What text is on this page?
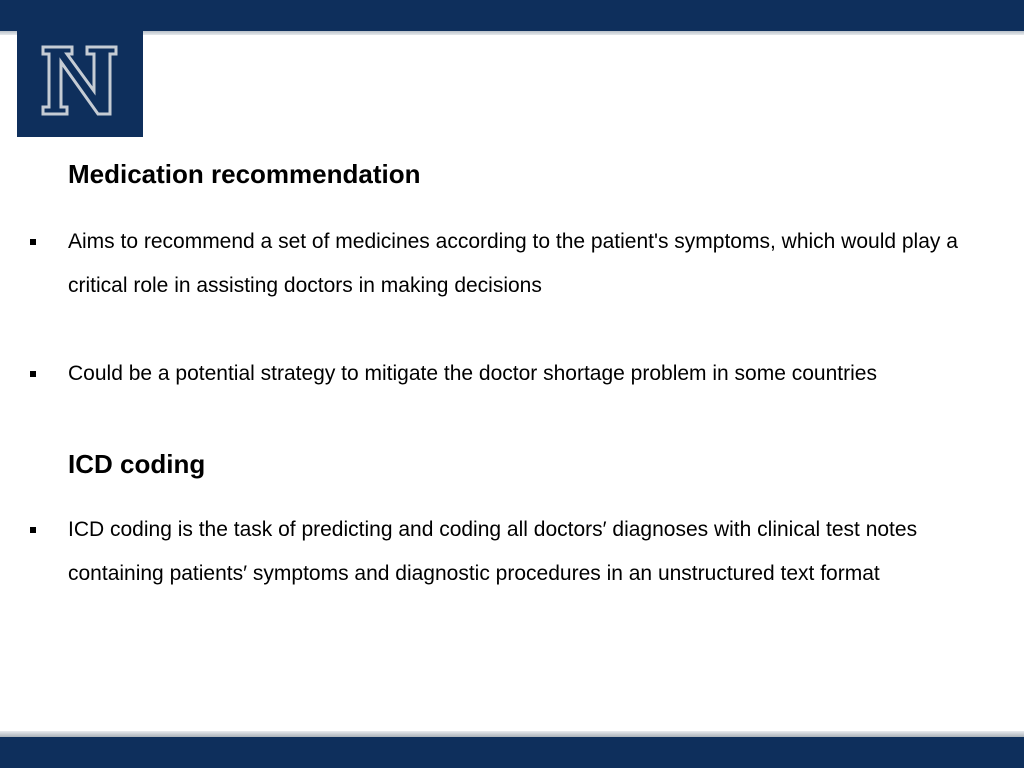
Medication recommendation

Aims to recommend a set of medicines according to the patient's symptoms, which would play a critical role in assisting doctors in making decisions

Could be a potential strategy to mitigate the doctor shortage problem in some countries

ICD coding

ICD coding is the task of predicting and coding all doctors′ diagnoses with clinical test notes containing patients′ symptoms and diagnostic procedures in an unstructured text format
